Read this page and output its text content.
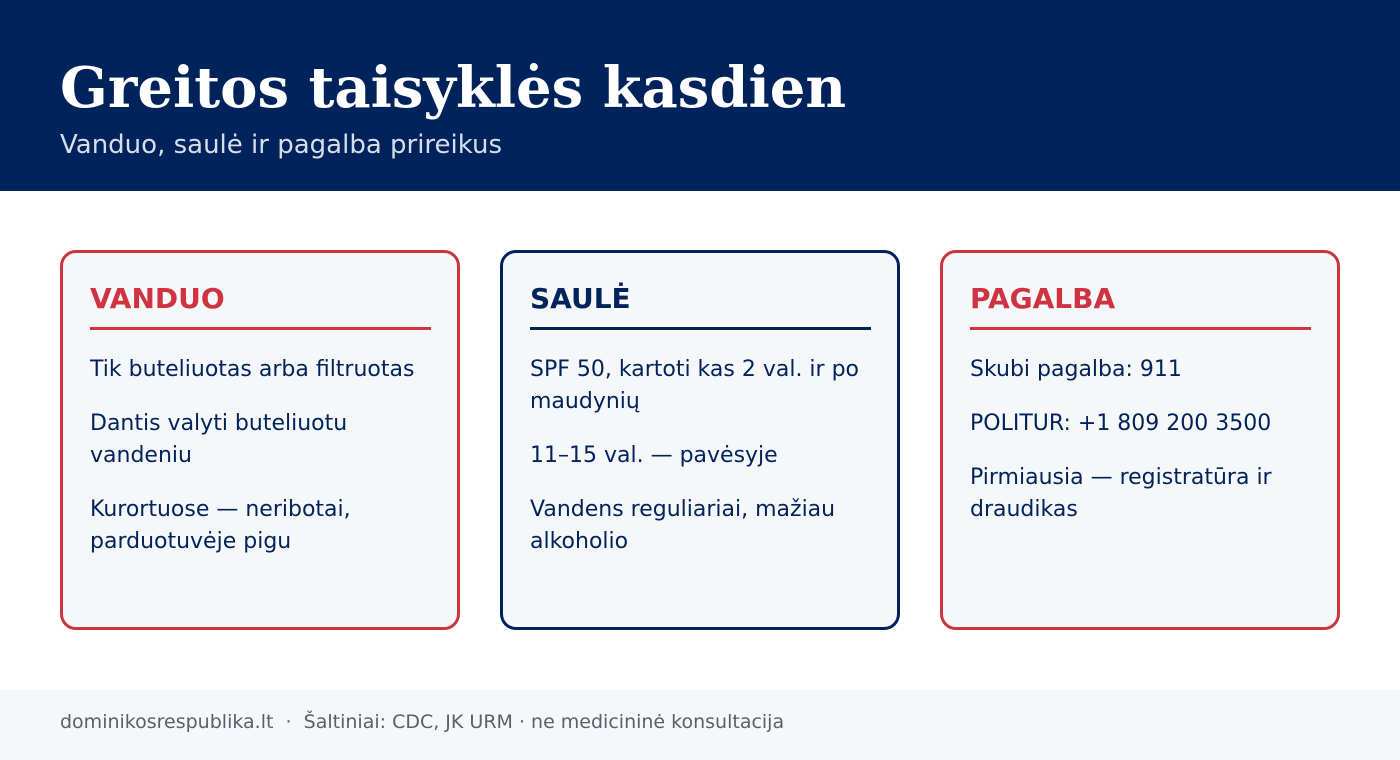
Greitos taisyklės kasdien

Vanduo, saulė ir pagalba prireikus

VANDUO
Tik buteliuotas arba filtruotas
Dantis valyti buteliuotu vandeniu
Kurortuose — neribotai, parduotuvėje pigu
SAULĖ
SPF 50, kartoti kas 2 val. ir po maudynių
11–15 val. — pavėsyje
Vandens reguliariai, mažiau alkoholio
PAGALBA
Skubi pagalba: 911
POLITUR: +1 809 200 3500
Pirmiausia — registratūra ir draudikas

dominikosrespublika.lt · Šaltiniai: CDC, JK URM · ne medicininė konsultacija
